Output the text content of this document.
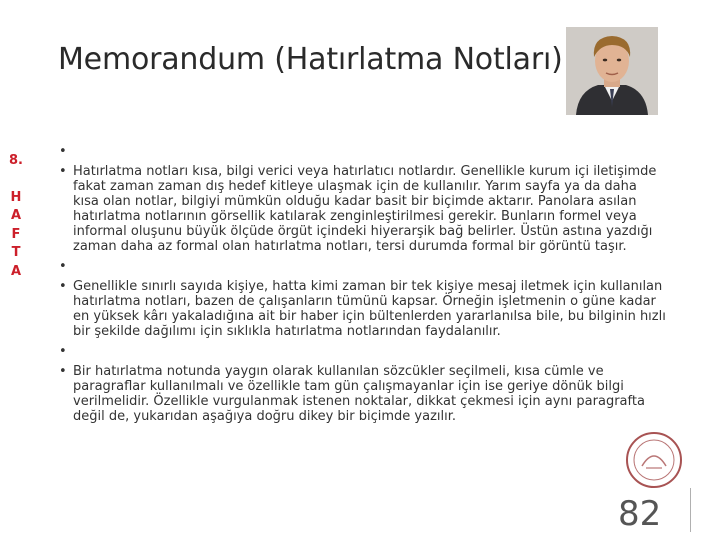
Memorandum (Hatırlatma Notları)
8.
H
A
F
T
A
•
• Hatırlatma notları kısa, bilgi verici veya hatırlatıcı notlardır. Genellikle kurum içi iletişimde fakat zaman zaman dış hedef kitleye ulaşmak için de kullanılır. Yarım sayfa ya da daha kısa olan notlar, bilgiyi mümkün olduğu kadar basit bir biçimde aktarır. Panolara asılan hatırlatma notlarının görsellik katılarak zenginleştirilmesi gerekir. Bunların formel veya informal oluşunu büyük ölçüde örgüt içindeki hiyerarşik bağ belirler. Üstün astına yazdığı zaman daha az formal olan hatırlatma notları, tersi durumda formal bir görüntü taşır.
•
• Genellikle sınırlı sayıda kişiye, hatta kimi zaman bir tek kişiye mesaj iletmek için kullanılan hatırlatma notları, bazen de çalışanların tümünü kapsar. Örneğin işletmenin o güne kadar en yüksek kârı yakaladığına ait bir haber için bültenlerden yararlanılsa bile, bu bilginin hızlı bir şekilde dağılımı için sıklıkla hatırlatma notlarından faydalanılır.
•
• Bir hatırlatma notunda yaygın olarak kullanılan sözcükler seçilmeli, kısa cümle ve paragraflar kullanılmalı ve özellikle tam gün çalışmayanlar için ise geriye dönük bilgi verilmelidir. Özellikle vurgulanmak istenen noktalar, dikkat çekmesi için aynı paragrafta değil de, yukarıdan aşağıya doğru dikey bir biçimde yazılır.
82
